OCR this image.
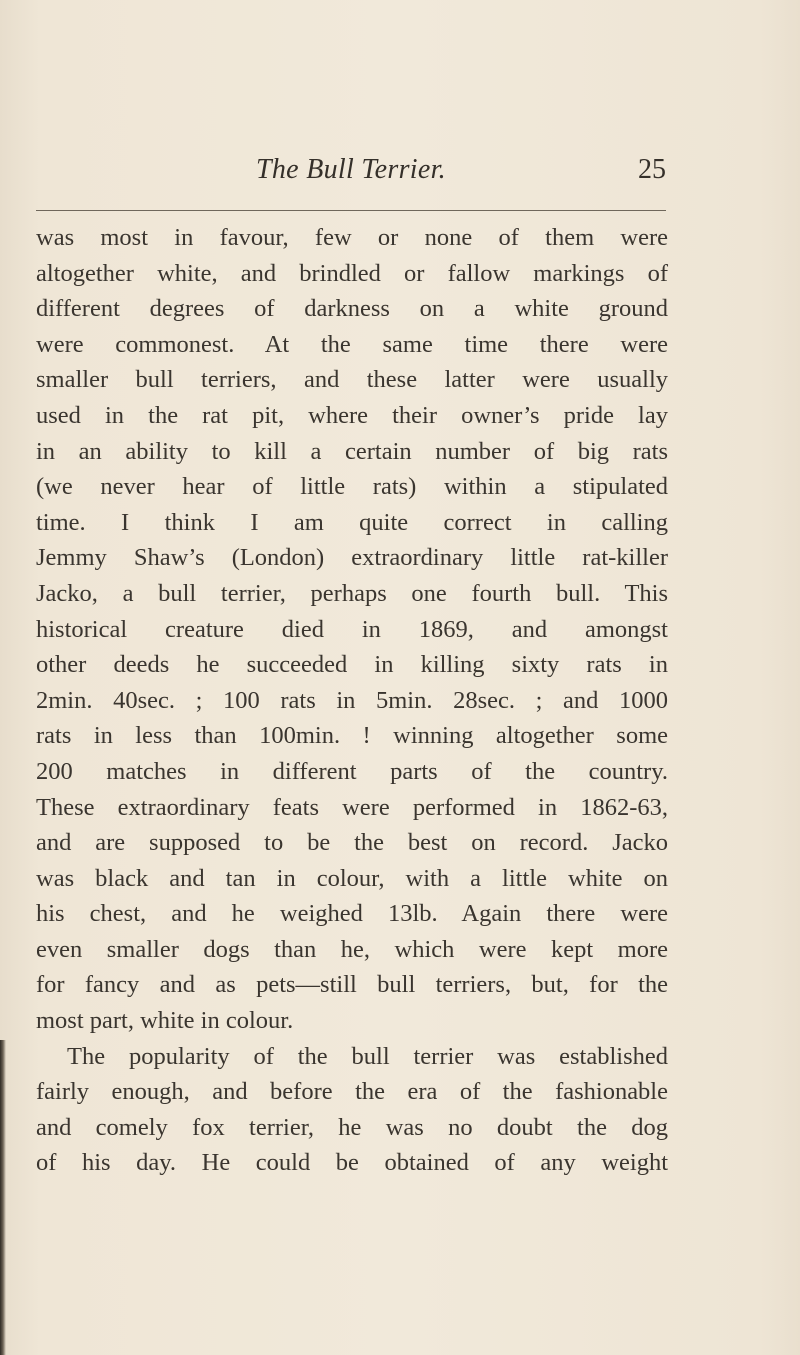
The Bull Terrier.	25
was most in favour, few or none of them were
altogether white, and brindled or fallow markings of
different degrees of darkness on a white ground
were commonest. At the same time there were
smaller bull terriers, and these latter were usually
used in the rat pit, where their owner’s pride lay
in an ability to kill a certain number of big rats
(we never hear of little rats) within a stipulated
time. I think I am quite correct in calling
Jemmy Shaw’s (London) extraordinary little rat-killer
Jacko, a bull terrier, perhaps one fourth bull. This
historical creature died in 1869, and amongst
other deeds he succeeded in killing sixty rats in
2min. 40sec. ; 100 rats in 5min. 28sec. ; and 1000
rats in less than 100min. ! winning altogether some
200 matches in different parts of the country.
These extraordinary feats were performed in 1862-63,
and are supposed to be the best on record. Jacko
was black and tan in colour, with a little white on
his chest, and he weighed 13lb. Again there were
even smaller dogs than he, which were kept more
for fancy and as pets—still bull terriers, but, for the
most part, white in colour.
The popularity of the bull terrier was established
fairly enough, and before the era of the fashionable
and comely fox terrier, he was no doubt the dog
of his day. He could be obtained of any weight
